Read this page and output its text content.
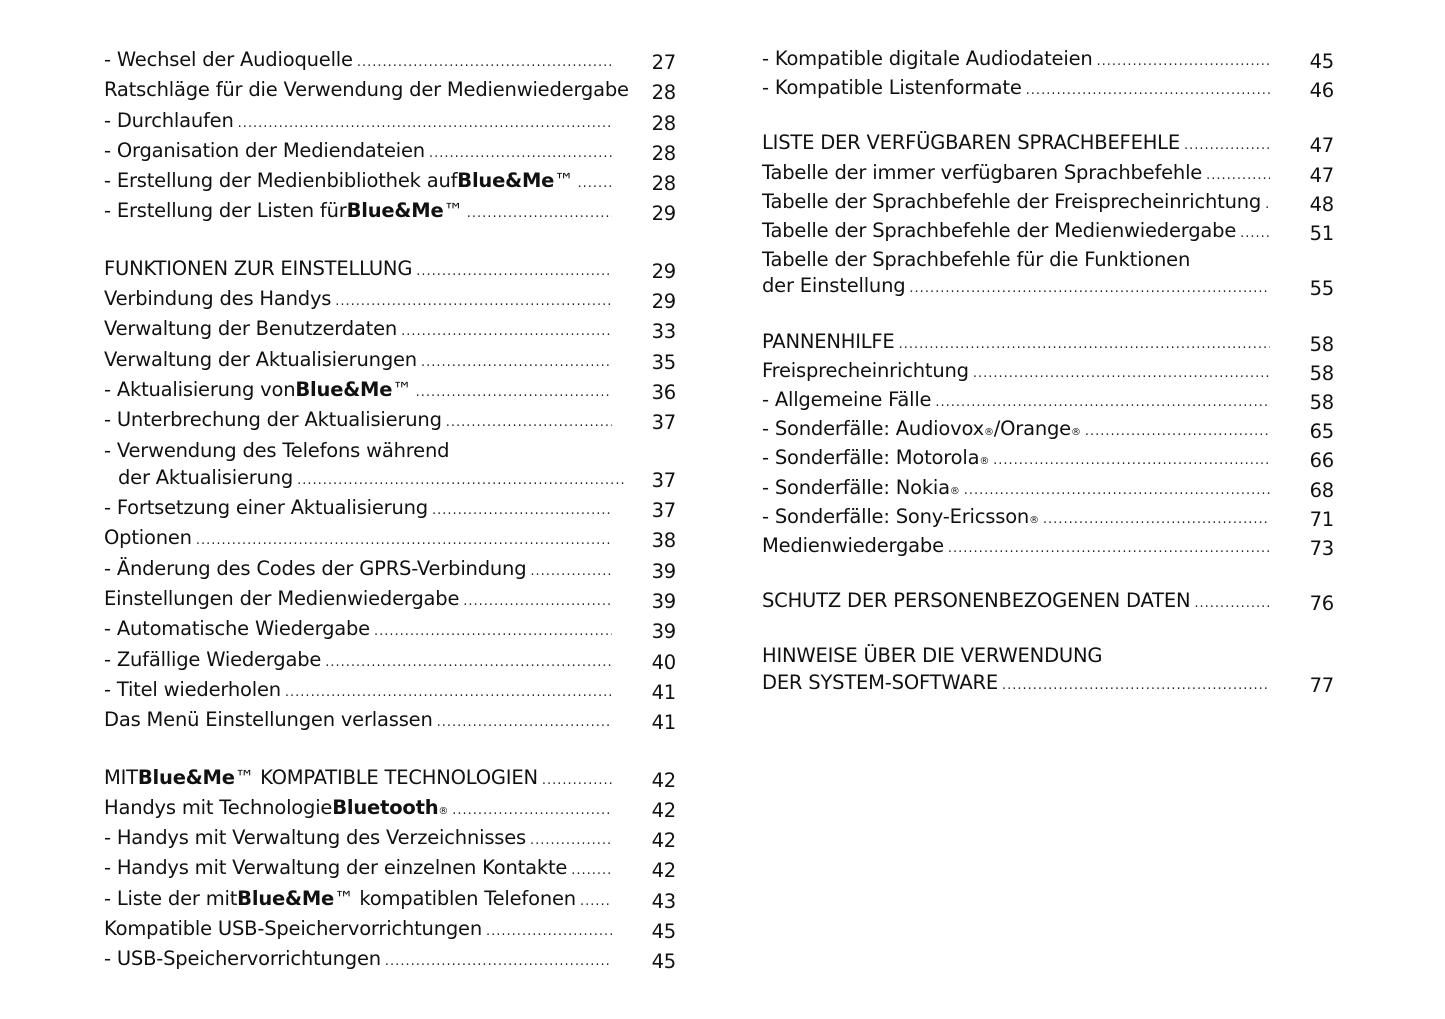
- Wechsel der Audioquelle .....	27
Ratschläge für die Verwendung der Medienwiedergabe 28
- Durchlaufen .....	28
- Organisation der Mediendateien .....	28
- Erstellung der Medienbibliothek auf Blue&Me ™ .....	28
- Erstellung der Listen für Blue&Me ™ .....	29
FUNKTIONEN ZUR EINSTELLUNG .....	29
Verbindung des Handys .....	29
Verwaltung der Benutzerdaten .....	33
Verwaltung der Aktualisierungen .....	35
- Aktualisierung von Blue&Me ™ .....	36
- Unterbrechung der Aktualisierung .....	37
- Verwendung des Telefons während
der Aktualisierung .....	37
- Fortsetzung einer Aktualisierung .....	37
Optionen .....	38
- Änderung des Codes der GPRS-Verbindung .....	39
Einstellungen der Medienwiedergabe .....	39
- Automatische Wiedergabe .....	39
- Zufällige Wiedergabe .....	40
- Titel wiederholen .....	41
Das Menü Einstellungen verlassen .....	41
MIT Blue&Me ™ KOMPATIBLE TECHNOLOGIEN .....	42
Handys mit Technologie Bluetooth ® .....	42
- Handys mit Verwaltung des Verzeichnisses .....	42
- Handys mit Verwaltung der einzelnen Kontakte .....	42
- Liste der mit Blue&Me ™ kompatiblen Telefonen .....	43
Kompatible USB-Speichervorrichtungen .....	45
- USB-Speichervorrichtungen .....	45
- Kompatible digitale Audiodateien .....	45
- Kompatible Listenformate .....	46
LISTE DER VERFÜGBAREN SPRACHBEFEHLE .....	47
Tabelle der immer verfügbaren Sprachbefehle .....	47
Tabelle der Sprachbefehle der Freisprecheinrichtung ..... 48
Tabelle der Sprachbefehle der Medienwiedergabe .....	51
Tabelle der Sprachbefehle für die Funktionen
der Einstellung .....	55
PANNENHILFE .....	58
Freisprecheinrichtung .....	58
- Allgemeine Fälle .....	58
- Sonderfälle: Audiovox ® /Orange ® .....	65
- Sonderfälle: Motorola ® .....	66
- Sonderfälle: Nokia ® .....	68
- Sonderfälle: Sony-Ericsson ® .....	71
Medienwiedergabe .....	73
SCHUTZ DER PERSONENBEZOGENEN DATEN .....	76
HINWEISE ÜBER DIE VERWENDUNG
DER SYSTEM-SOFTWARE .....	77
